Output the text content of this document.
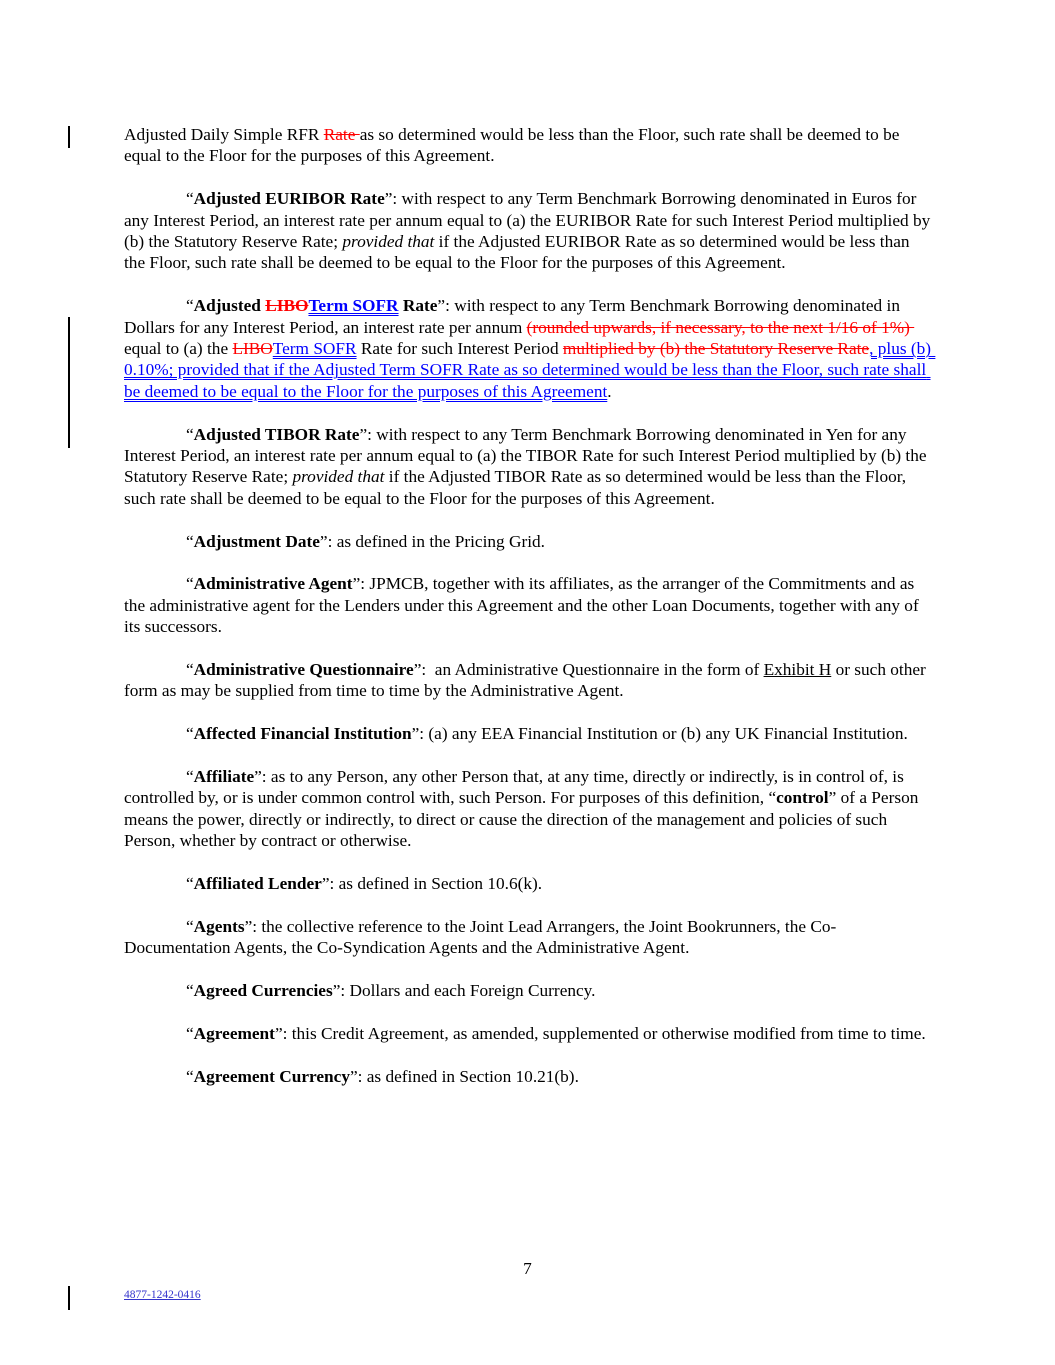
Adjusted Daily Simple RFR Rate as so determined would be less than the Floor, such rate shall be deemed to be equal to the Floor for the purposes of this Agreement.

“Adjusted EURIBOR Rate”: with respect to any Term Benchmark Borrowing denominated in Euros for any Interest Period, an interest rate per annum equal to (a) the EURIBOR Rate for such Interest Period multiplied by (b) the Statutory Reserve Rate; provided that if the Adjusted EURIBOR Rate as so determined would be less than the Floor, such rate shall be deemed to be equal to the Floor for the purposes of this Agreement.

“Adjusted LIBOTerm SOFR Rate”: with respect to any Term Benchmark Borrowing denominated in Dollars for any Interest Period, an interest rate per annum (rounded upwards, if necessary, to the next 1/16 of 1%) equal to (a) the LIBOTerm SOFR Rate for such Interest Period multiplied by (b) the Statutory Reserve Rate, plus (b) 0.10%; provided that if the Adjusted Term SOFR Rate as so determined would be less than the Floor, such rate shall be deemed to be equal to the Floor for the purposes of this Agreement.

“Adjusted TIBOR Rate”: with respect to any Term Benchmark Borrowing denominated in Yen for any Interest Period, an interest rate per annum equal to (a) the TIBOR Rate for such Interest Period multiplied by (b) the Statutory Reserve Rate; provided that if the Adjusted TIBOR Rate as so determined would be less than the Floor, such rate shall be deemed to be equal to the Floor for the purposes of this Agreement.

“Adjustment Date”: as defined in the Pricing Grid.

“Administrative Agent”: JPMCB, together with its affiliates, as the arranger of the Commitments and as the administrative agent for the Lenders under this Agreement and the other Loan Documents, together with any of its successors.

“Administrative Questionnaire”:  an Administrative Questionnaire in the form of Exhibit H or such other form as may be supplied from time to time by the Administrative Agent.

“Affected Financial Institution”: (a) any EEA Financial Institution or (b) any UK Financial Institution.

“Affiliate”: as to any Person, any other Person that, at any time, directly or indirectly, is in control of, is controlled by, or is under common control with, such Person. For purposes of this definition, “control” of a Person means the power, directly or indirectly, to direct or cause the direction of the management and policies of such Person, whether by contract or otherwise.

“Affiliated Lender”: as defined in Section 10.6(k).

“Agents”: the collective reference to the Joint Lead Arrangers, the Joint Bookrunners, the Co-Documentation Agents, the Co-Syndication Agents and the Administrative Agent.

“Agreed Currencies”: Dollars and each Foreign Currency.

“Agreement”: this Credit Agreement, as amended, supplemented or otherwise modified from time to time.

“Agreement Currency”: as defined in Section 10.21(b).

7
4877-1242-0416
